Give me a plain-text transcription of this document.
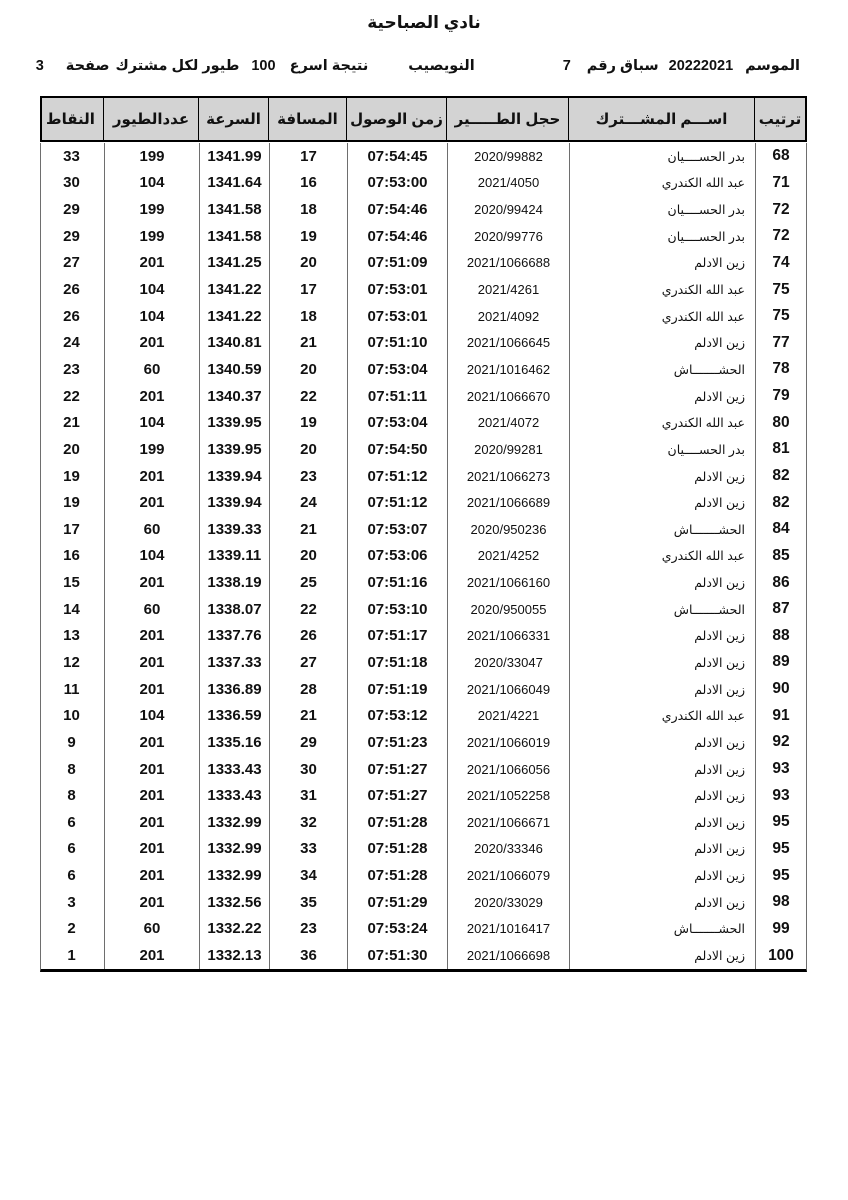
نادي الصباحية
الموسم
20222021
سباق رقم
7
النويصيب
نتيجة اسرع
100
طيور لكل مشترك
صفحة
3
ترتيب
اســـم المشـــترك
حجل الطـــــير
زمن الوصول
المسافة
السرعة
عددالطيور
النقاط
68
بدر الحســــيان
2020/99882
07:54:45
17
1341.99
199
33
71
عبد الله الكندري
2021/4050
07:53:00
16
1341.64
104
30
72
بدر الحســــيان
2020/99424
07:54:46
18
1341.58
199
29
72
بدر الحســــيان
2020/99776
07:54:46
19
1341.58
199
29
74
زين الادلم
2021/1066688
07:51:09
20
1341.25
201
27
75
عبد الله الكندري
2021/4261
07:53:01
17
1341.22
104
26
75
عبد الله الكندري
2021/4092
07:53:01
18
1341.22
104
26
77
زين الادلم
2021/1066645
07:51:10
21
1340.81
201
24
78
الحشـــــــاش
2021/1016462
07:53:04
20
1340.59
60
23
79
زين الادلم
2021/1066670
07:51:11
22
1340.37
201
22
80
عبد الله الكندري
2021/4072
07:53:04
19
1339.95
104
21
81
بدر الحســــيان
2020/99281
07:54:50
20
1339.95
199
20
82
زين الادلم
2021/1066273
07:51:12
23
1339.94
201
19
82
زين الادلم
2021/1066689
07:51:12
24
1339.94
201
19
84
الحشـــــــاش
2020/950236
07:53:07
21
1339.33
60
17
85
عبد الله الكندري
2021/4252
07:53:06
20
1339.11
104
16
86
زين الادلم
2021/1066160
07:51:16
25
1338.19
201
15
87
الحشـــــــاش
2020/950055
07:53:10
22
1338.07
60
14
88
زين الادلم
2021/1066331
07:51:17
26
1337.76
201
13
89
زين الادلم
2020/33047
07:51:18
27
1337.33
201
12
90
زين الادلم
2021/1066049
07:51:19
28
1336.89
201
11
91
عبد الله الكندري
2021/4221
07:53:12
21
1336.59
104
10
92
زين الادلم
2021/1066019
07:51:23
29
1335.16
201
9
93
زين الادلم
2021/1066056
07:51:27
30
1333.43
201
8
93
زين الادلم
2021/1052258
07:51:27
31
1333.43
201
8
95
زين الادلم
2021/1066671
07:51:28
32
1332.99
201
6
95
زين الادلم
2020/33346
07:51:28
33
1332.99
201
6
95
زين الادلم
2021/1066079
07:51:28
34
1332.99
201
6
98
زين الادلم
2020/33029
07:51:29
35
1332.56
201
3
99
الحشـــــــاش
2021/1016417
07:53:24
23
1332.22
60
2
100
زين الادلم
2021/1066698
07:51:30
36
1332.13
201
1
